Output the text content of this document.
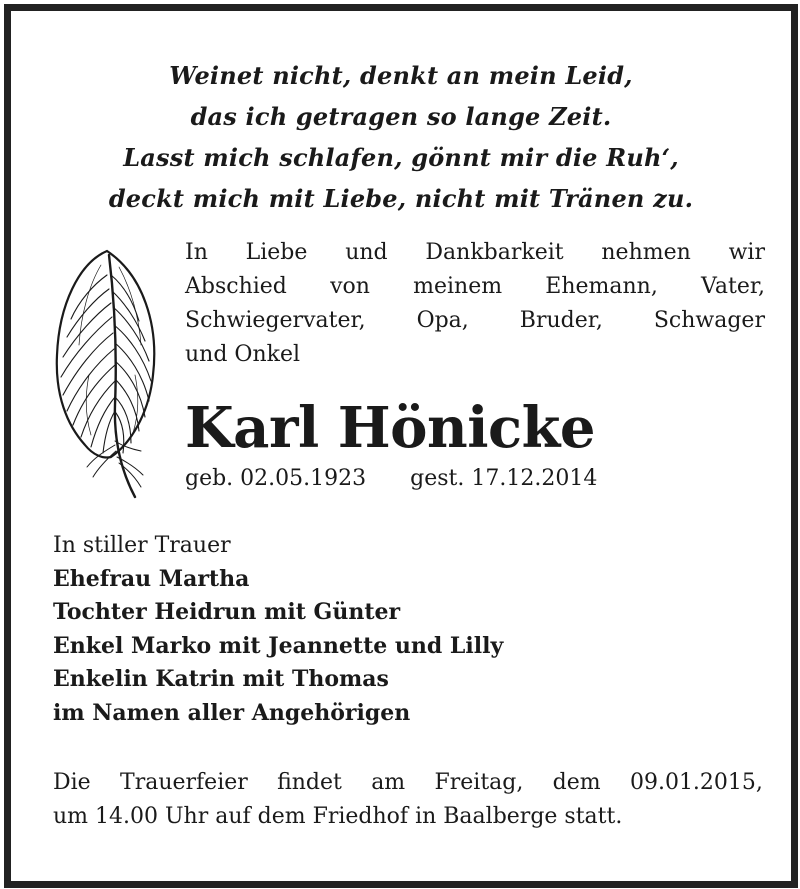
Weinet nicht, denkt an mein Leid,
das ich getragen so lange Zeit.
Lasst mich schlafen, gönnt mir die Ruh‘,
deckt mich mit Liebe, nicht mit Tränen zu.
In Liebe und Dankbarkeit nehmen wir
Abschied von meinem Ehemann, Vater,
Schwiegervater, Opa, Bruder, Schwager
und Onkel
Karl Hönicke
geb. 02.05.1923 gest. 17.12.2014
In stiller Trauer
Ehefrau Martha
Tochter Heidrun mit Günter
Enkel Marko mit Jeannette und Lilly
Enkelin Katrin mit Thomas
im Namen aller Angehörigen
Die Trauerfeier findet am Freitag, dem 09.01.2015,
um 14.00 Uhr auf dem Friedhof in Baalberge statt.
